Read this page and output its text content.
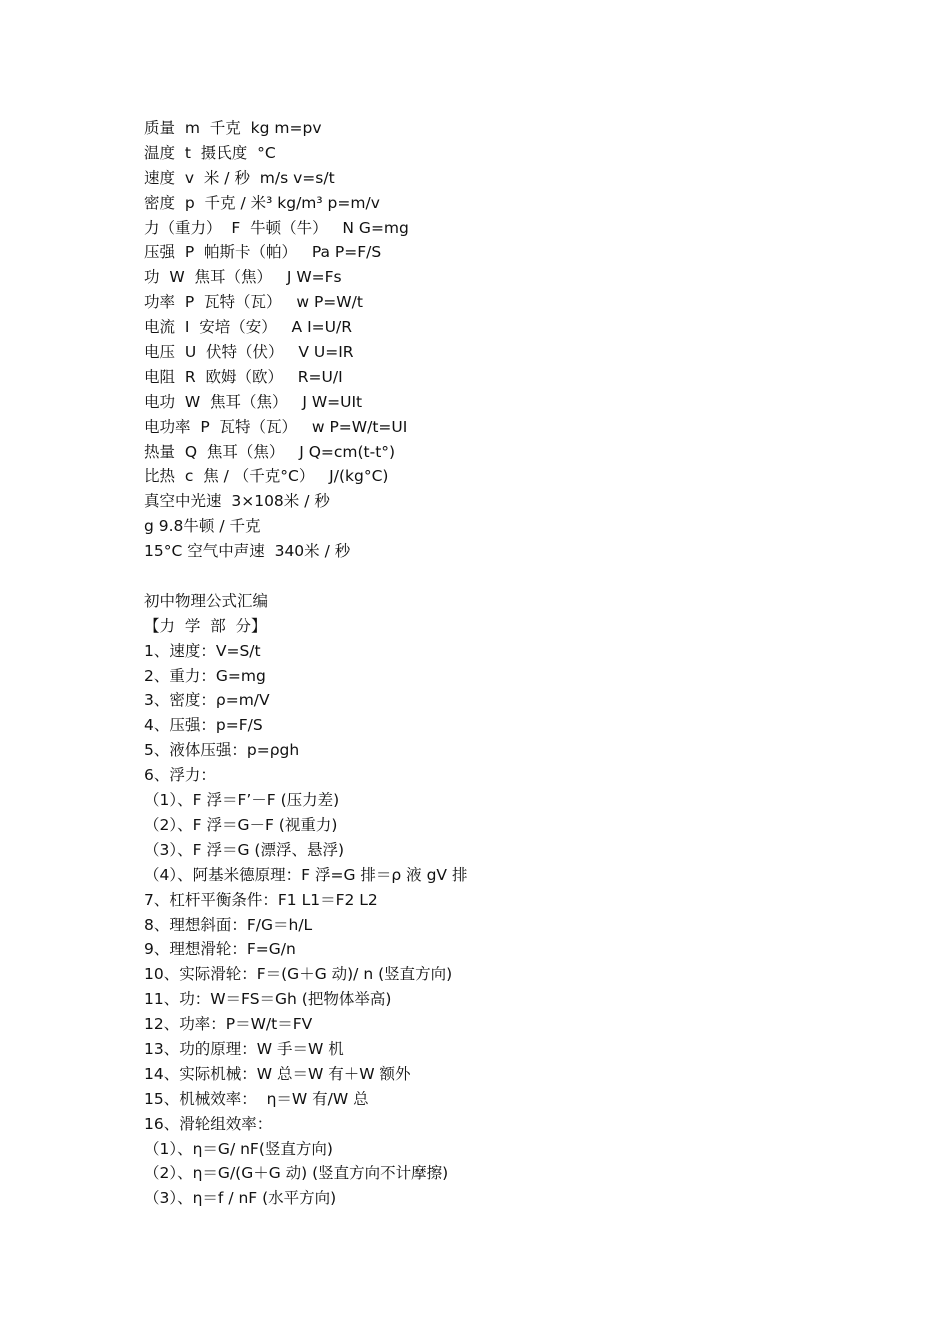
质量  m  千克  kg m=pv
温度  t  摄氏度  °C
速度  v  米 / 秒  m/s v=s/t
密度  p  千克 / 米³ kg/m³ p=m/v
力（重力）  F  牛顿（牛）   N G=mg
压强  P  帕斯卡（帕）   Pa P=F/S
功  W  焦耳（焦）   J W=Fs
功率  P  瓦特（瓦）   w P=W/t
电流  I  安培（安）   A I=U/R
电压  U  伏特（伏）   V U=IR
电阻  R  欧姆（欧）   R=U/I
电功  W  焦耳（焦）   J W=UIt
电功率  P  瓦特（瓦）   w P=W/t=UI
热量  Q  焦耳（焦）   J Q=cm(t-t°)
比热  c  焦 / （千克°C）   J/(kg°C)
真空中光速  3×108米 / 秒
g 9.8牛顿 / 千克
15°C 空气中声速  340米 / 秒
初中物理公式汇编
【力  学  部  分】
1、速度：V=S/t
2、重力：G=mg
3、密度：ρ=m/V
4、压强：p=F/S
5、液体压强：p=ρgh
6、浮力：
（1）、F 浮＝F’－F (压力差)
（2）、F 浮＝G－F (视重力)
（3）、F 浮＝G (漂浮、悬浮)
（4）、阿基米德原理：F 浮=G 排＝ρ 液 gV 排
7、杠杆平衡条件：F1 L1＝F2 L2
8、理想斜面：F/G＝h/L
9、理想滑轮：F=G/n
10、实际滑轮：F＝(G＋G 动)/ n (竖直方向)
11、功：W＝FS＝Gh (把物体举高)
12、功率：P＝W/t＝FV
13、功的原理：W 手＝W 机
14、实际机械：W 总＝W 有＋W 额外
15、机械效率：  η＝W 有/W 总
16、滑轮组效率：
（1）、η＝G/ nF(竖直方向)
（2）、η＝G/(G＋G 动) (竖直方向不计摩擦)
（3）、η＝f / nF (水平方向)
